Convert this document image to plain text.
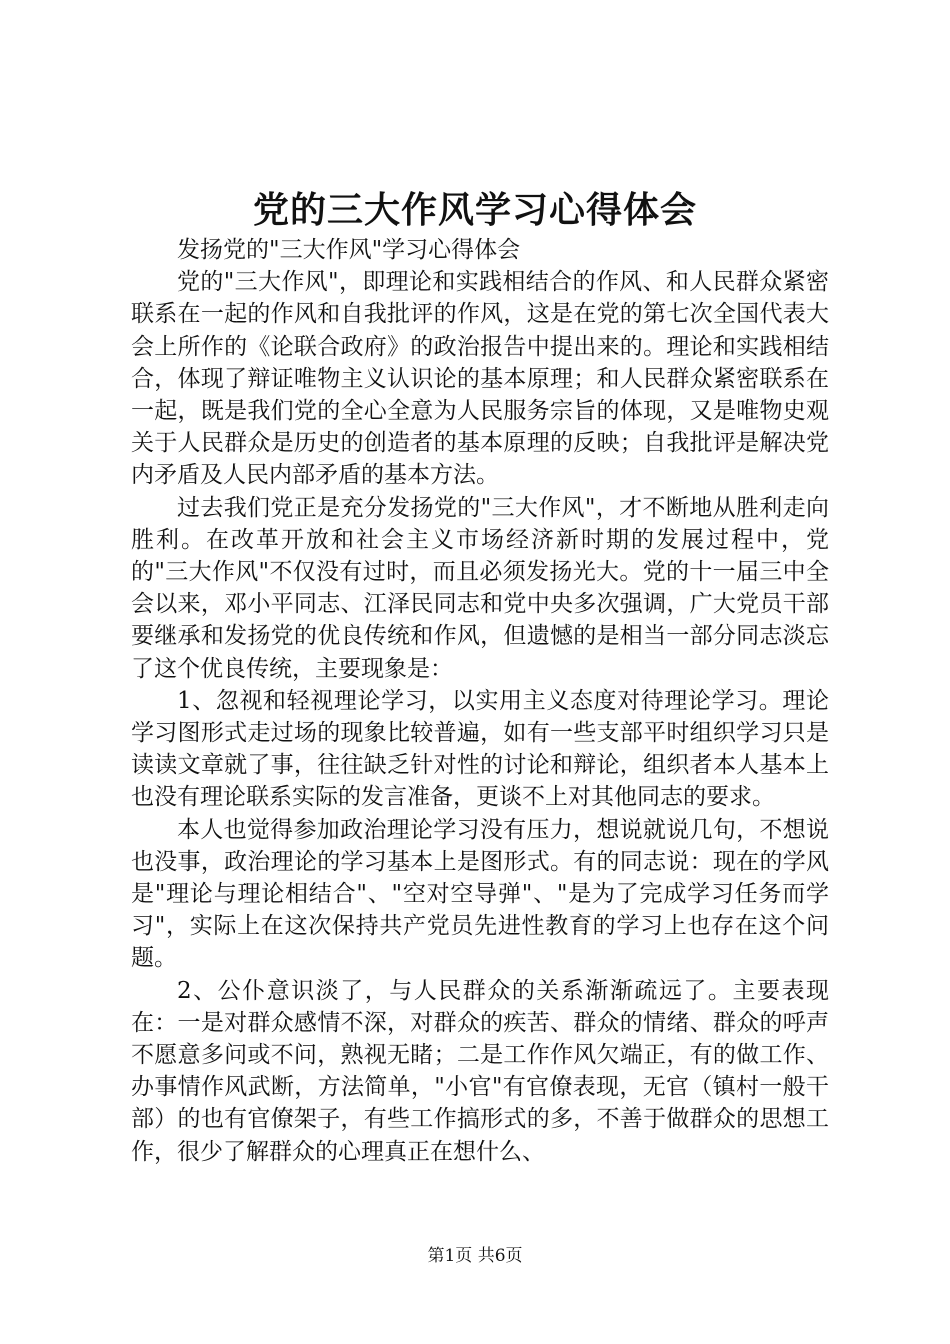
党的三大作风学习心得体会

发扬党的"三大作风"学习心得体会

党的"三大作风"，即理论和实践相结合的作风、和人民群众紧密联系在一起的作风和自我批评的作风，这是在党的第七次全国代表大会上所作的《论联合政府》的政治报告中提出来的。理论和实践相结合，体现了辩证唯物主义认识论的基本原理；和人民群众紧密联系在一起，既是我们党的全心全意为人民服务宗旨的体现，又是唯物史观关于人民群众是历史的创造者的基本原理的反映；自我批评是解决党内矛盾及人民内部矛盾的基本方法。

过去我们党正是充分发扬党的"三大作风"，才不断地从胜利走向胜利。在改革开放和社会主义市场经济新时期的发展过程中，党的"三大作风"不仅没有过时，而且必须发扬光大。党的十一届三中全会以来，邓小平同志、江泽民同志和党中央多次强调，广大党员干部要继承和发扬党的优良传统和作风，但遗憾的是相当一部分同志淡忘了这个优良传统，主要现象是：

1、忽视和轻视理论学习，以实用主义态度对待理论学习。理论学习图形式走过场的现象比较普遍，如有一些支部平时组织学习只是读读文章就了事，往往缺乏针对性的讨论和辩论，组织者本人基本上也没有理论联系实际的发言准备，更谈不上对其他同志的要求。

本人也觉得参加政治理论学习没有压力，想说就说几句，不想说也没事，政治理论的学习基本上是图形式。有的同志说：现在的学风是"理论与理论相结合"、"空对空导弹"、"是为了完成学习任务而学习"，实际上在这次保持共产党员先进性教育的学习上也存在这个问题。

2、公仆意识淡了，与人民群众的关系渐渐疏远了。主要表现在：一是对群众感情不深，对群众的疾苦、群众的情绪、群众的呼声不愿意多问或不问，熟视无睹；二是工作作风欠端正，有的做工作、办事情作风武断，方法简单，"小官"有官僚表现，无官（镇村一般干部）的也有官僚架子，有些工作搞形式的多，不善于做群众的思想工作，很少了解群众的心理真正在想什么、

第1页 共6页
